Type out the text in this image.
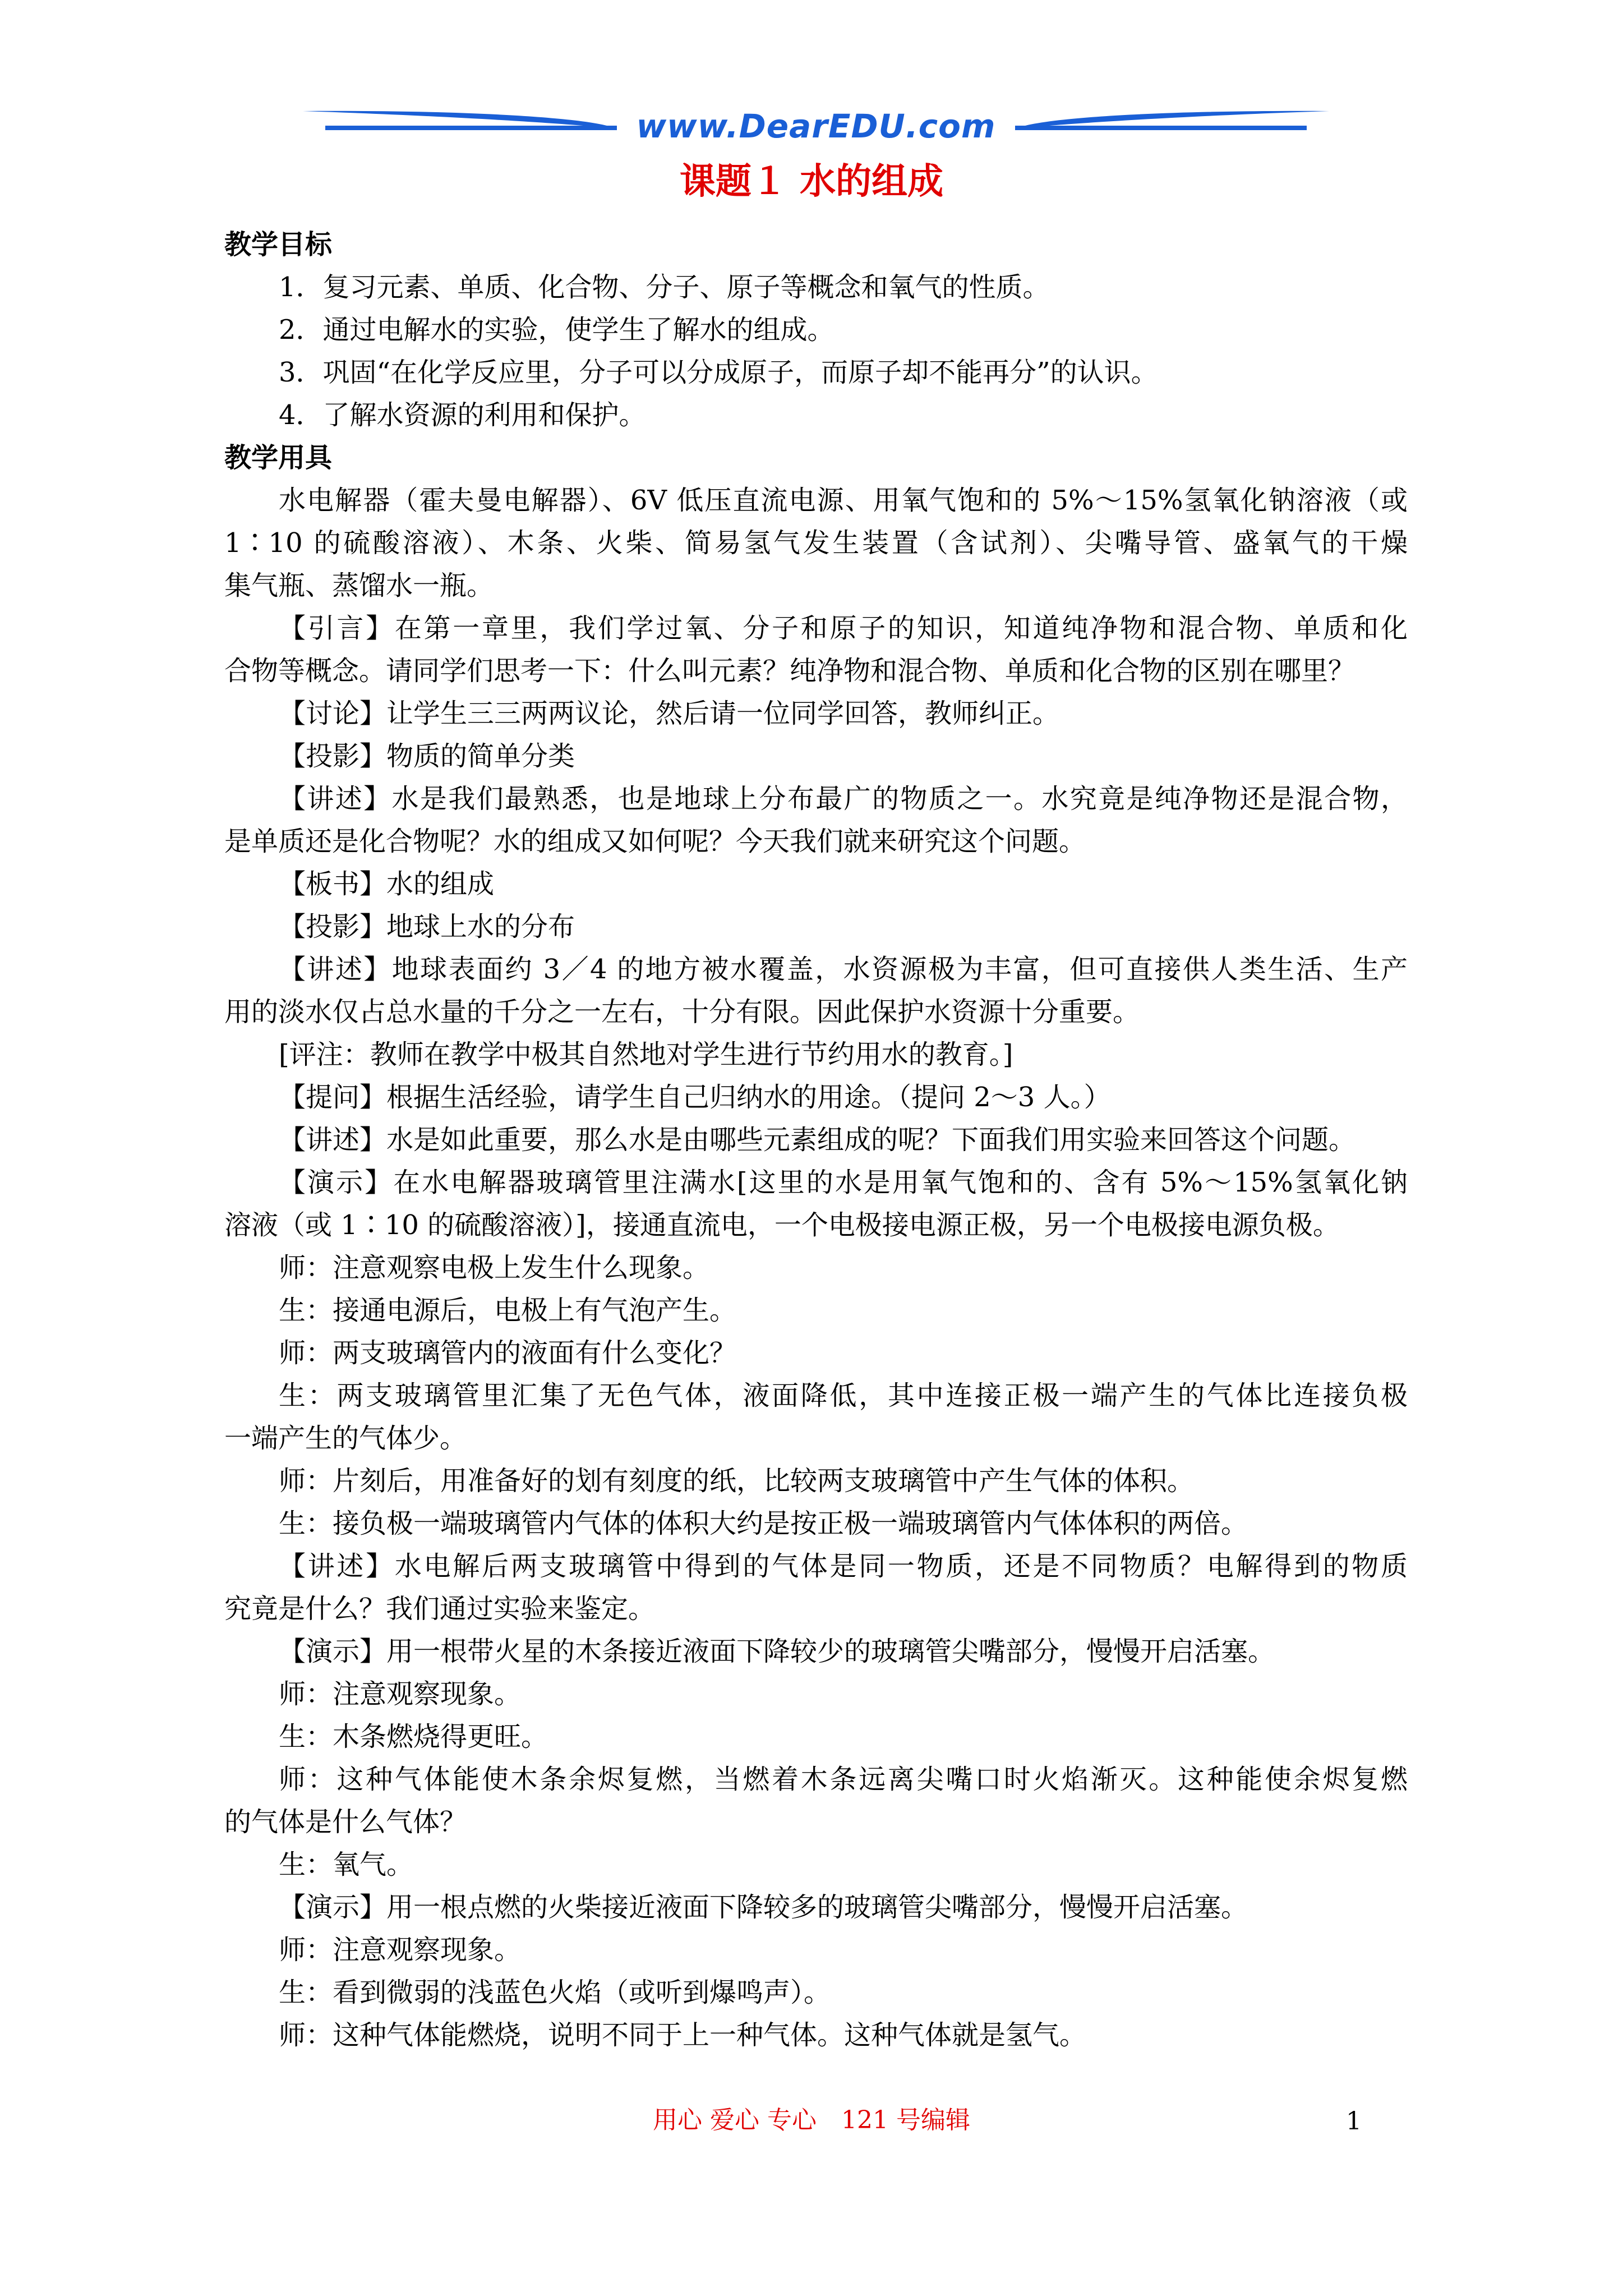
www.DearEDU.com
课题１ 水的组成

教学目标

1．复习元素、单质、化合物、分子、原子等概念和氧气的性质。

2．通过电解水的实验，使学生了解水的组成。

3．巩固“在化学反应里，分子可以分成原子，而原子却不能再分”的认识。

4．了解水资源的利用和保护。

教学用具

水电解器（霍夫曼电解器）、6V 低压直流电源、用氧气饱和的 5%～15%氢氧化钠溶液（或

1∶10 的硫酸溶液）、木条、火柴、简易氢气发生装置（含试剂）、尖嘴导管、盛氧气的干燥

集气瓶、蒸馏水一瓶。

【引言】在第一章里，我们学过氧、分子和原子的知识，知道纯净物和混合物、单质和化

合物等概念。请同学们思考一下：什么叫元素？纯净物和混合物、单质和化合物的区别在哪里？

【讨论】让学生三三两两议论，然后请一位同学回答，教师纠正。

【投影】物质的简单分类

【讲述】水是我们最熟悉，也是地球上分布最广的物质之一。水究竟是纯净物还是混合物，

是单质还是化合物呢？水的组成又如何呢？今天我们就来研究这个问题。

【板书】水的组成

【投影】地球上水的分布

【讲述】地球表面约 3／4 的地方被水覆盖，水资源极为丰富，但可直接供人类生活、生产

用的淡水仅占总水量的千分之一左右，十分有限。因此保护水资源十分重要。

[评注：教师在教学中极其自然地对学生进行节约用水的教育。]

【提问】根据生活经验，请学生自己归纳水的用途。（提问 2～3 人。）

【讲述】水是如此重要，那么水是由哪些元素组成的呢？下面我们用实验来回答这个问题。

【演示】在水电解器玻璃管里注满水[这里的水是用氧气饱和的、含有 5%～15%氢氧化钠

溶液（或 1∶10 的硫酸溶液）]，接通直流电，一个电极接电源正极，另一个电极接电源负极。

师：注意观察电极上发生什么现象。

生：接通电源后，电极上有气泡产生。

师：两支玻璃管内的液面有什么变化？

生：两支玻璃管里汇集了无色气体，液面降低，其中连接正极一端产生的气体比连接负极

一端产生的气体少。

师：片刻后，用准备好的划有刻度的纸，比较两支玻璃管中产生气体的体积。

生：接负极一端玻璃管内气体的体积大约是按正极一端玻璃管内气体体积的两倍。

【讲述】水电解后两支玻璃管中得到的气体是同一物质，还是不同物质？电解得到的物质

究竟是什么？我们通过实验来鉴定。

【演示】用一根带火星的木条接近液面下降较少的玻璃管尖嘴部分，慢慢开启活塞。

师：注意观察现象。

生：木条燃烧得更旺。

师：这种气体能使木条余烬复燃，当燃着木条远离尖嘴口时火焰渐灭。这种能使余烬复燃

的气体是什么气体？

生：氧气。

【演示】用一根点燃的火柴接近液面下降较多的玻璃管尖嘴部分，慢慢开启活塞。

师：注意观察现象。

生：看到微弱的浅蓝色火焰（或听到爆鸣声）。

师：这种气体能燃烧，说明不同于上一种气体。这种气体就是氢气。

用心 爱心 专心　121 号编辑	1
